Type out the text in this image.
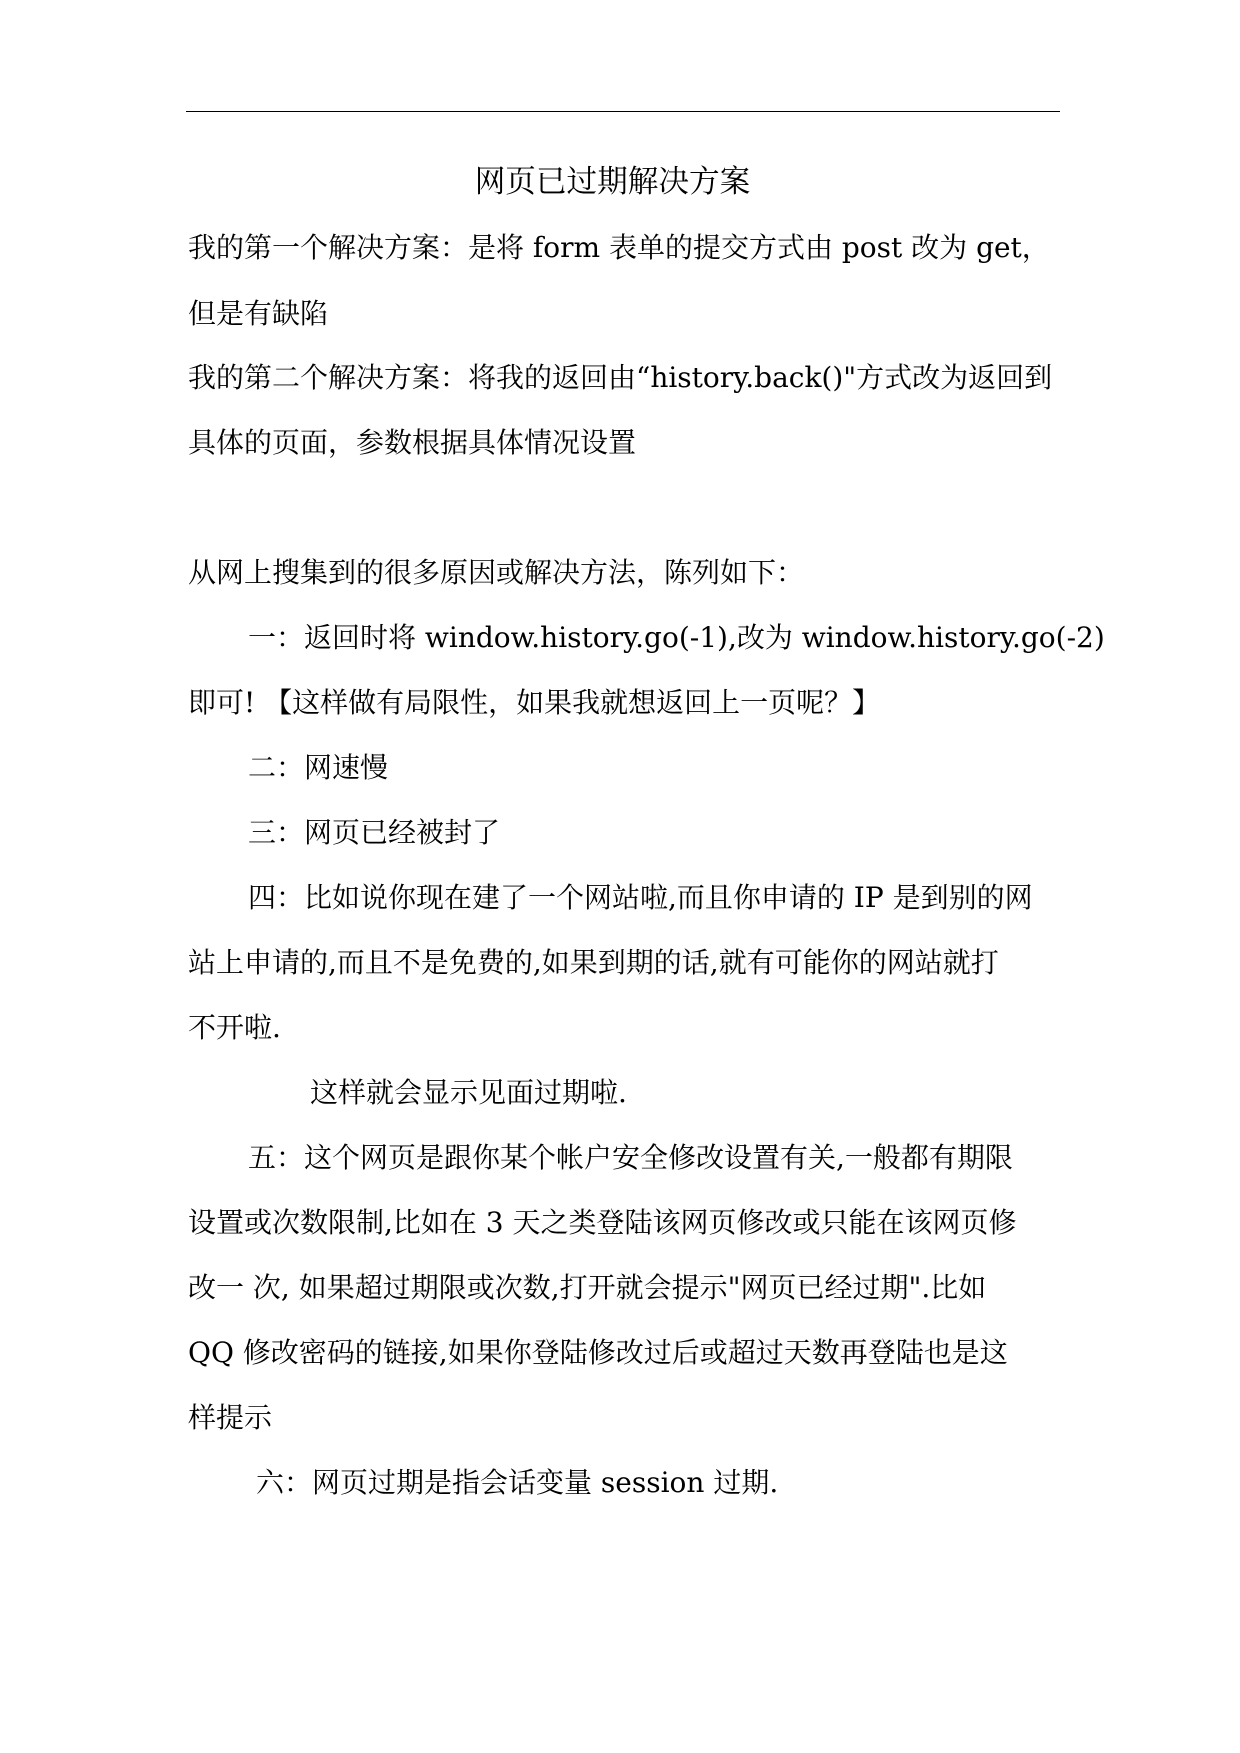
网页已过期解决方案
我的第一个解决方案：是将 form 表单的提交方式由 post 改为 get，
但是有缺陷
我的第二个解决方案：将我的返回由“history.back()"方式改为返回到
具体的页面，参数根据具体情况设置
从网上搜集到的很多原因或解决方法，陈列如下：
一：返回时将 window.history.go(-1),改为 window.history.go(-2)
即可! 【这样做有局限性，如果我就想返回上一页呢？】
二：网速慢
三：网页已经被封了
四：比如说你现在建了一个网站啦,而且你申请的 IP 是到别的网
站上申请的,而且不是免费的,如果到期的话,就有可能你的网站就打
不开啦.
这样就会显示见面过期啦.
五：这个网页是跟你某个帐户安全修改设置有关,一般都有期限
设置或次数限制,比如在 3 天之类登陆该网页修改或只能在该网页修
改一 次, 如果超过期限或次数,打开就会提示"网页已经过期".比如
QQ 修改密码的链接,如果你登陆修改过后或超过天数再登陆也是这
样提示
六：网页过期是指会话变量 session 过期.
